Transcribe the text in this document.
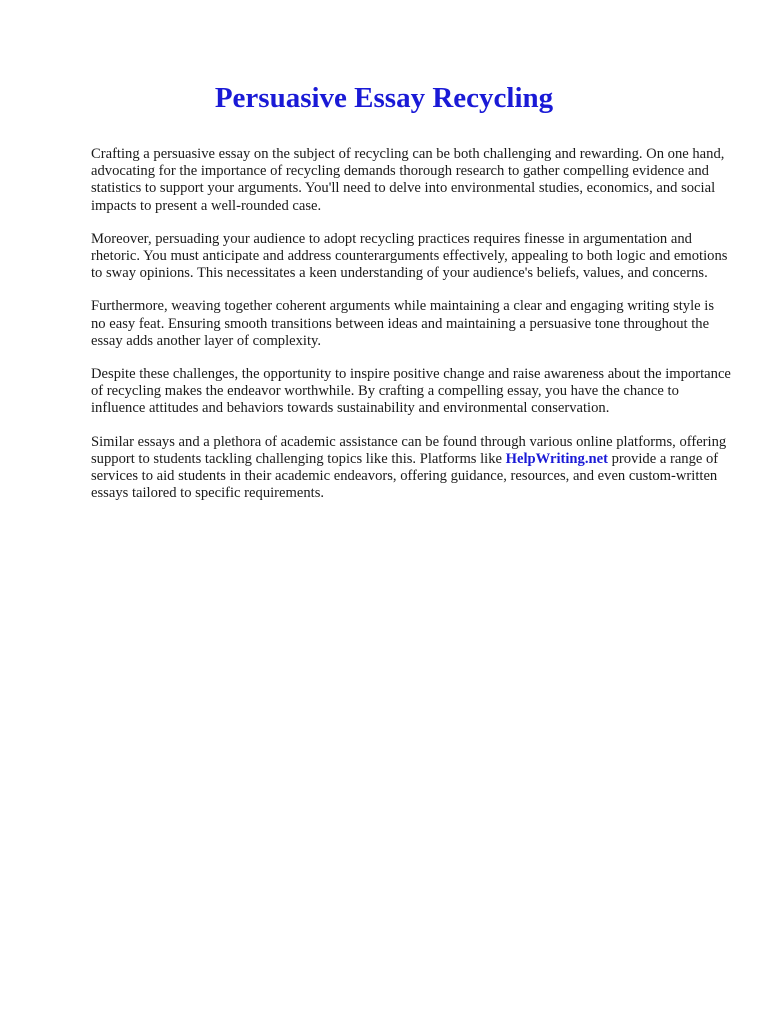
Persuasive Essay Recycling

Crafting a persuasive essay on the subject of recycling can be both challenging and rewarding. On one hand, advocating for the importance of recycling demands thorough research to gather compelling evidence and statistics to support your arguments. You'll need to delve into environmental studies, economics, and social impacts to present a well-rounded case.

Moreover, persuading your audience to adopt recycling practices requires finesse in argumentation and rhetoric. You must anticipate and address counterarguments effectively, appealing to both logic and emotions to sway opinions. This necessitates a keen understanding of your audience's beliefs, values, and concerns.

Furthermore, weaving together coherent arguments while maintaining a clear and engaging writing style is no easy feat. Ensuring smooth transitions between ideas and maintaining a persuasive tone throughout the essay adds another layer of complexity.

Despite these challenges, the opportunity to inspire positive change and raise awareness about the importance of recycling makes the endeavor worthwhile. By crafting a compelling essay, you have the chance to influence attitudes and behaviors towards sustainability and environmental conservation.

Similar essays and a plethora of academic assistance can be found through various online platforms, offering support to students tackling challenging topics like this. Platforms like HelpWriting.net provide a range of services to aid students in their academic endeavors, offering guidance, resources, and even custom-written essays tailored to specific requirements.
